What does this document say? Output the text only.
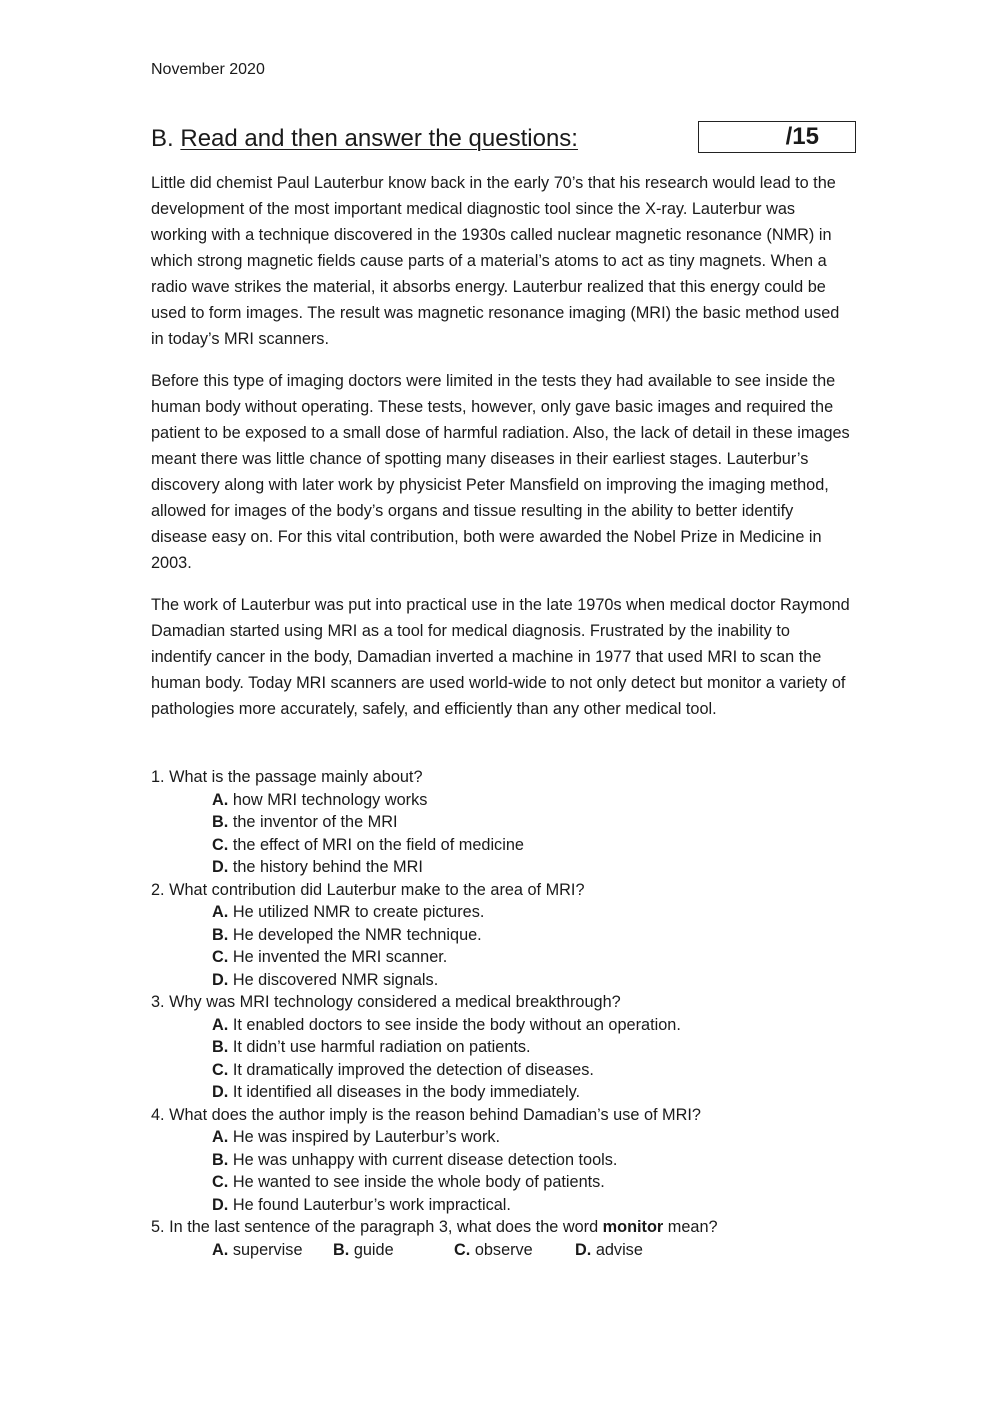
November 2020
B. Read and then answer the questions:	/15

Little did chemist Paul Lauterbur know back in the early 70’s that his research would lead to the development of the most important medical diagnostic tool since the X-ray. Lauterbur was working with a technique discovered in the 1930s called nuclear magnetic resonance (NMR) in which strong magnetic fields cause parts of a material’s atoms to act as tiny magnets. When a radio wave strikes the material, it absorbs energy. Lauterbur realized that this energy could be used to form images. The result was magnetic resonance imaging (MRI) the basic method used in today’s MRI scanners.

Before this type of imaging doctors were limited in the tests they had available to see inside the human body without operating. These tests, however, only gave basic images and required the patient to be exposed to a small dose of harmful radiation. Also, the lack of detail in these images meant there was little chance of spotting many diseases in their earliest stages. Lauterbur’s discovery along with later work by physicist Peter Mansfield on improving the imaging method, allowed for images of the body’s organs and tissue resulting in the ability to better identify disease easy on. For this vital contribution, both were awarded the Nobel Prize in Medicine in 2003.

The work of Lauterbur was put into practical use in the late 1970s when medical doctor Raymond Damadian started using MRI as a tool for medical diagnosis. Frustrated by the inability to indentify cancer in the body, Damadian inverted a machine in 1977 that used MRI to scan the human body. Today MRI scanners are used world-wide to not only detect but monitor a variety of pathologies more accurately, safely, and efficiently than any other medical tool.

1. What is the passage mainly about?
A. how MRI technology works
B. the inventor of the MRI
C. the effect of MRI on the field of medicine
D. the history behind the MRI
2. What contribution did Lauterbur make to the area of MRI?
A. He utilized NMR to create pictures.
B. He developed the NMR technique.
C. He invented the MRI scanner.
D. He discovered NMR signals.
3. Why was MRI technology considered a medical breakthrough?
A. It enabled doctors to see inside the body without an operation.
B. It didn’t use harmful radiation on patients.
C. It dramatically improved the detection of diseases.
D. It identified all diseases in the body immediately.
4. What does the author imply is the reason behind Damadian’s use of MRI?
A. He was inspired by Lauterbur’s work.
B. He was unhappy with current disease detection tools.
C. He wanted to see inside the whole body of patients.
D. He found Lauterbur’s work impractical.
5. In the last sentence of the paragraph 3, what does the word monitor mean?
A. supervise B. guide	C. observe	D. advise
